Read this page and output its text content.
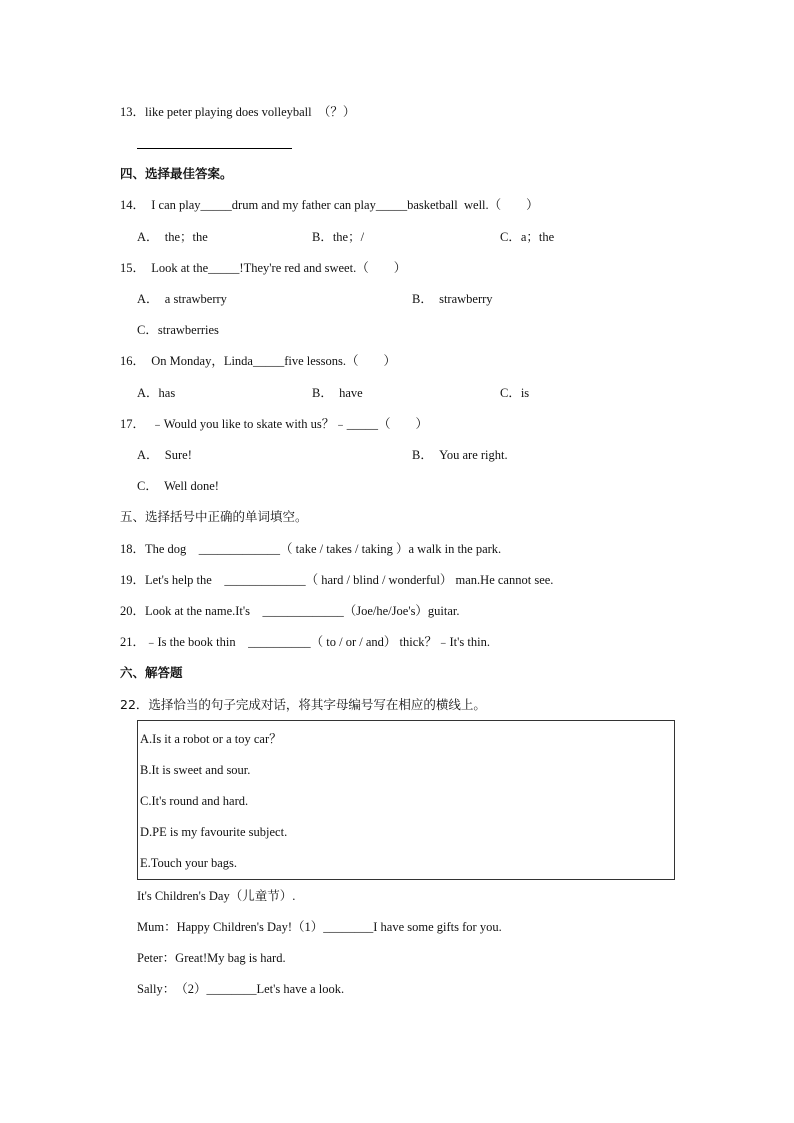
13．like peter playing does volleyball　（？）
四、选择最佳答案。
14．　I can play_____drum and my father can play_____basketball  well.（　　）
A．　the；the	B．the；/	C．a；the
15．　Look at the_____!They're red and sweet.（　　）
A．　a strawberry	B．　strawberry
C．strawberries
16．　On Monday，Linda_____five lessons.（　　）
A．has	B．　have	C．is
17．　﹣Would you like to skate with us？﹣_____（　　）
A．　Sure!	B．　You are right.
C．　Well done!
五、选择括号中正确的单词填空。
18．The dog　_____________（ take / takes / taking ）a walk in the park.
19．Let's help the　_____________（ hard / blind / wonderful） man.He cannot see.
20．Look at the name.It's　_____________（Joe/he/Joe's）guitar.
21．﹣Is the book thin　__________（ to / or / and） thick？﹣It's thin.
六、解答题
22．选择恰当的句子完成对话，将其字母编号写在相应的横线上。
A.Is it a robot or a toy car？
B.It is sweet and sour.
C.It's round and hard.
D.PE is my favourite subject.
E.Touch your bags.
It's Children's Day（儿童节）.
Mum：Happy Children's Day!（1）________I have some gifts for you.
Peter：Great!My bag is hard.
Sally：　（2）________Let's have a look.
